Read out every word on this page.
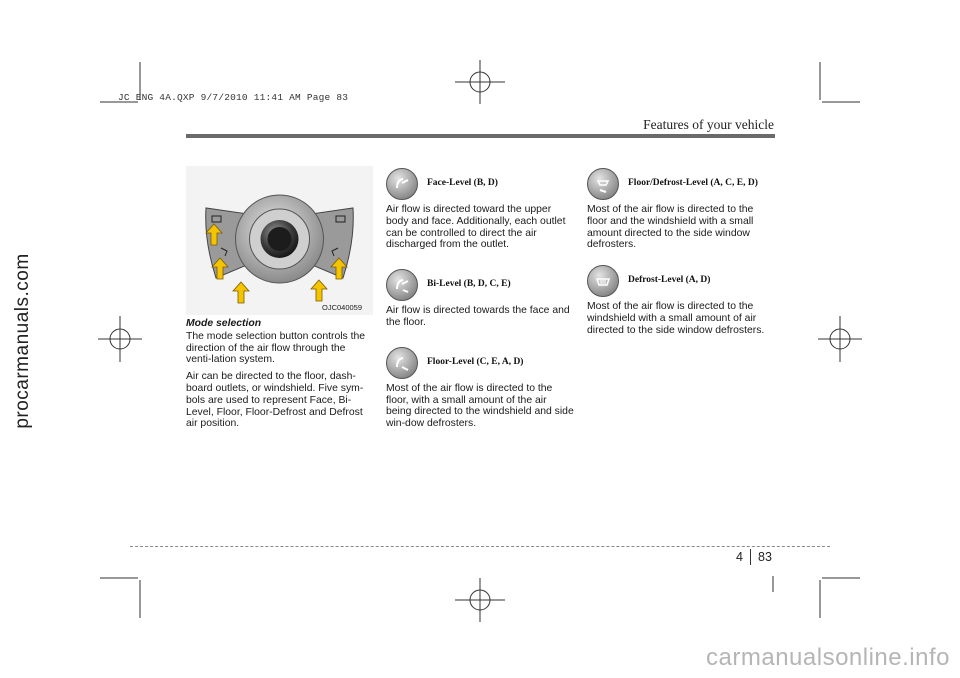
JC ENG 4A.QXP 9/7/2010 11:41 AM Page 83
procarmanuals.com
carmanualsonline.info
Features of your vehicle
OJC040059
Mode selection

The mode selection button controls the direction of the air flow through the venti-lation system.

Air can be directed to the floor, dash-board outlets, or windshield. Five sym-bols are used to represent Face, Bi-Level, Floor, Floor-Defrost and Defrost air position.

Face-Level (B, D)

Air flow is directed toward the upper body and face. Additionally, each outlet can be controlled to direct the air discharged from the outlet.

Bi-Level (B, D, C, E)

Air flow is directed towards the face and the floor.

Floor-Level (C, E, A, D)

Most of the air flow is directed to the floor, with a small amount of the air being directed to the windshield and side win-dow defrosters.

Floor/Defrost-Level (A, C, E, D)

Most of the air flow is directed to the floor and the windshield with a small amount directed to the side window defrosters.

Defrost-Level (A, D)

Most of the air flow is directed to the windshield with a small amount of air directed to the side window defrosters.

4 83
